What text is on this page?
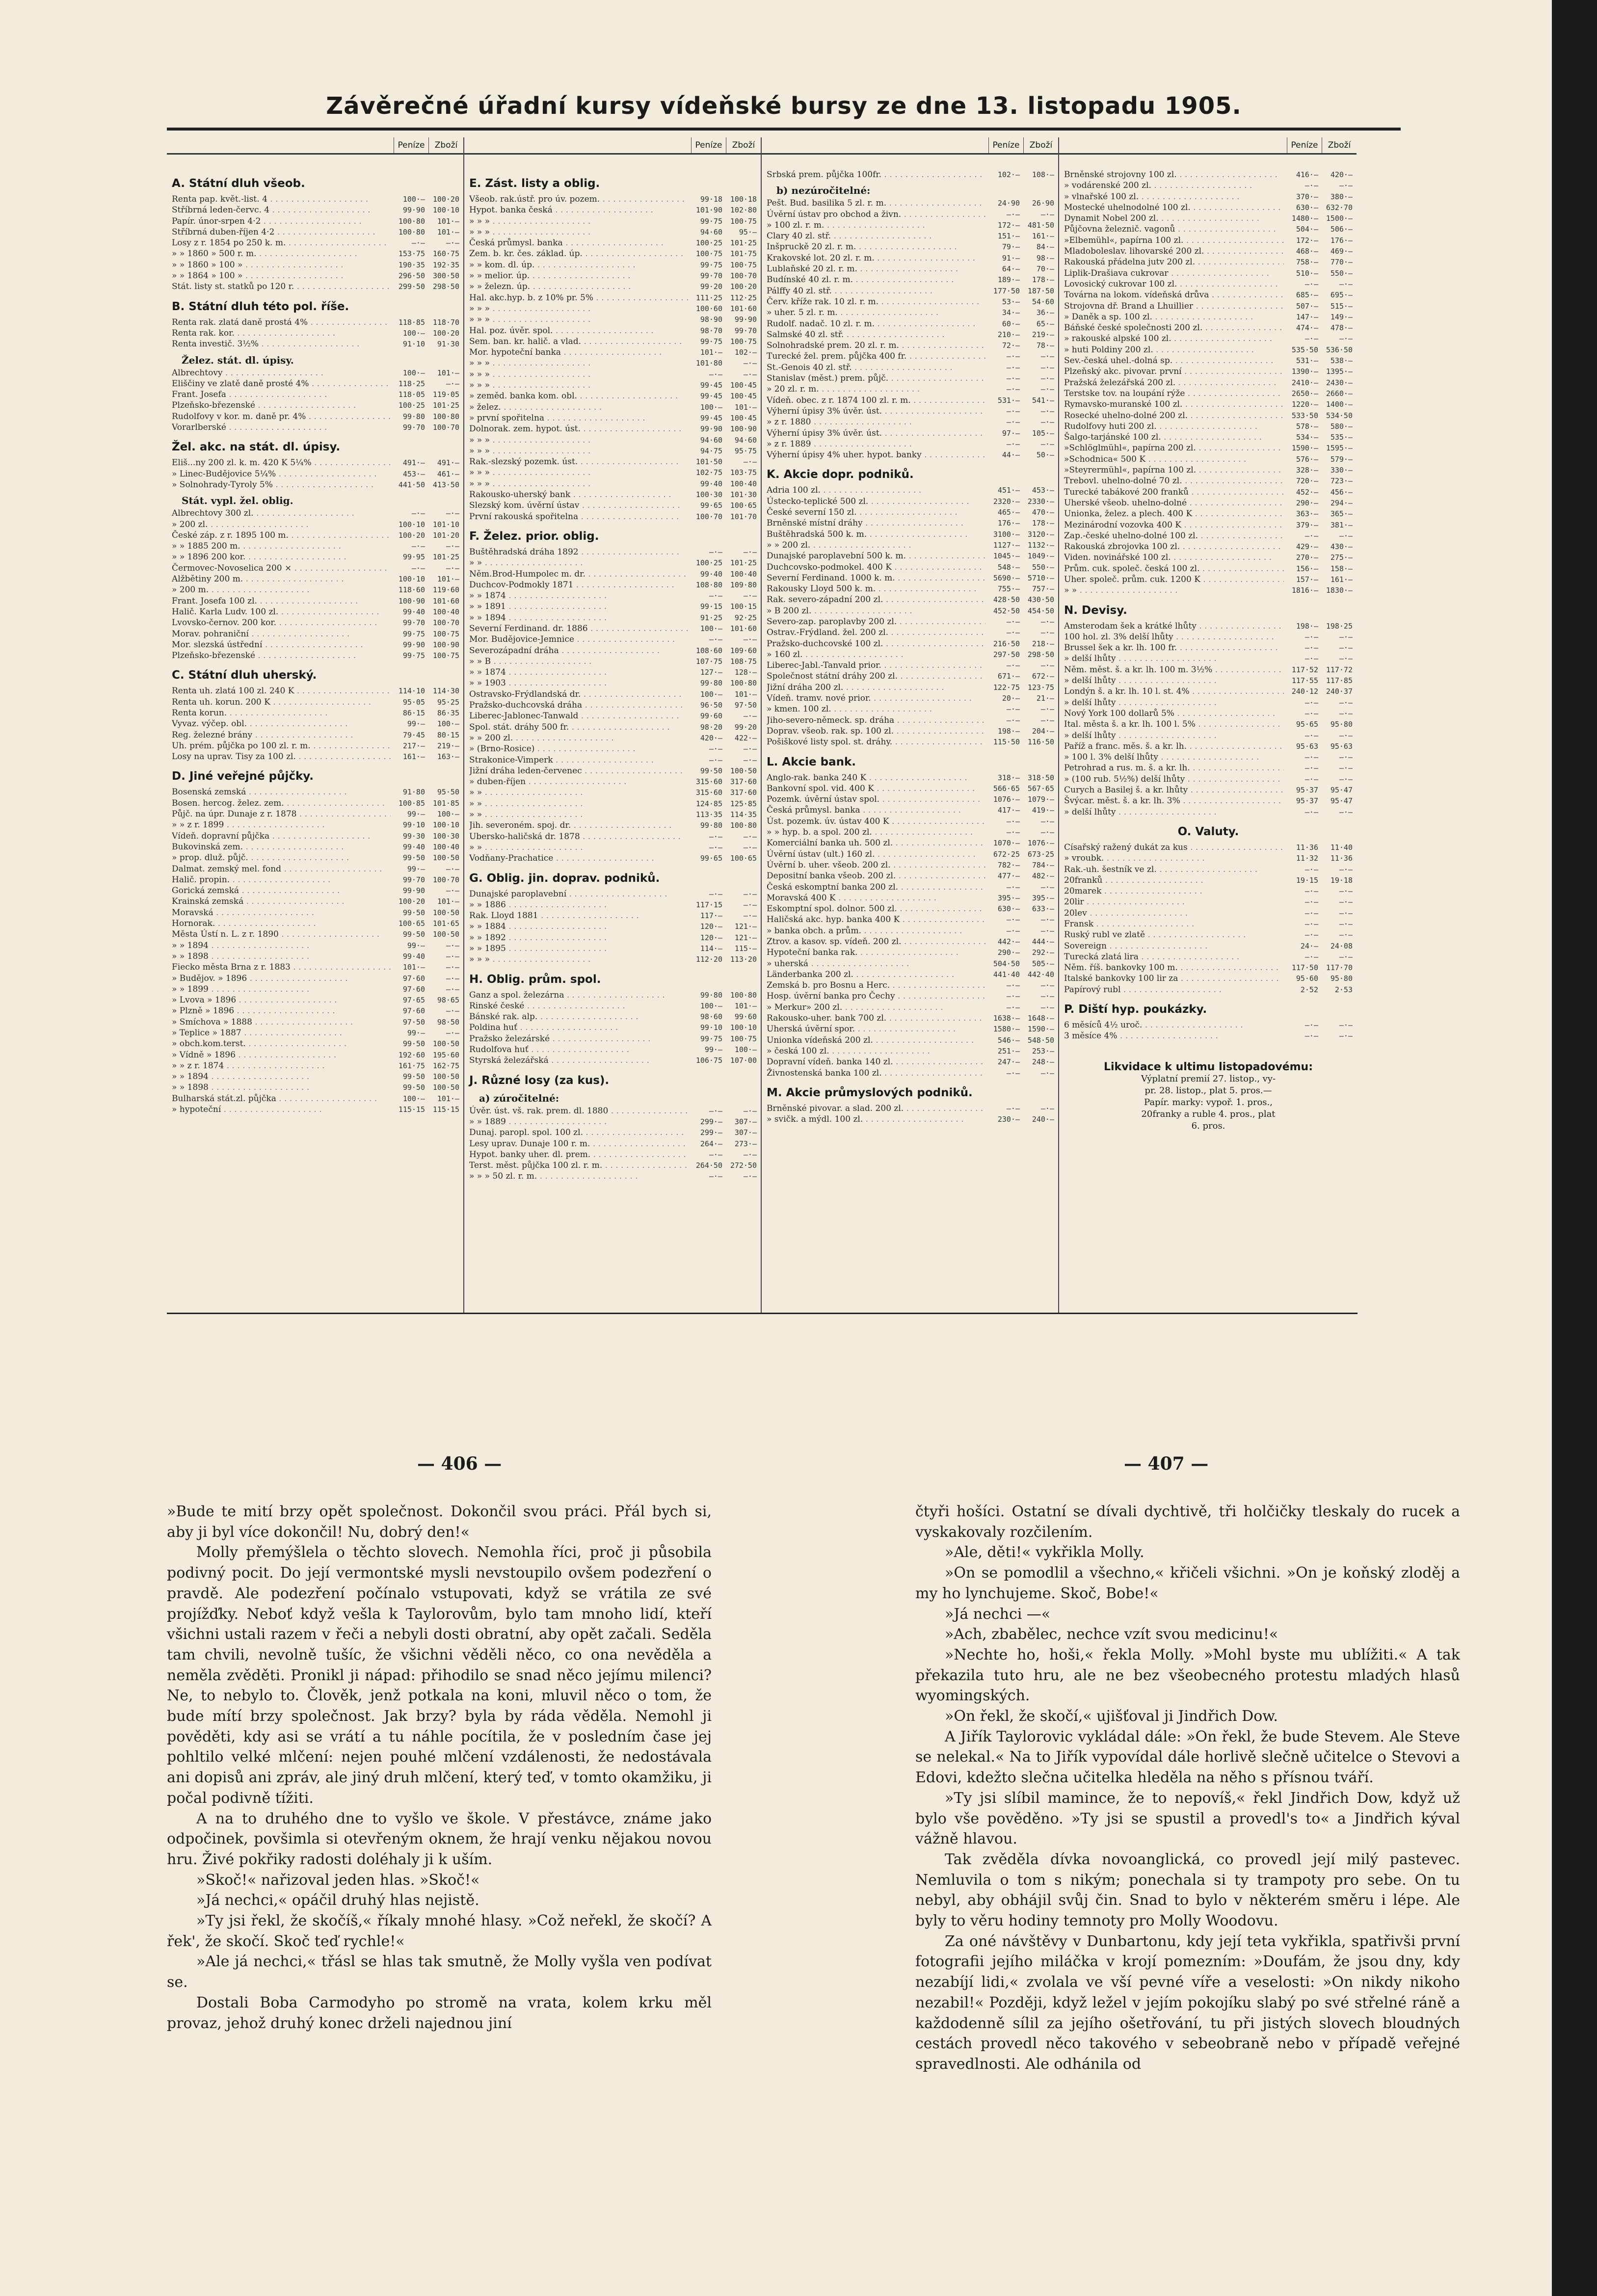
Závěrečné úřadní kursy vídeňské bursy ze dne 13. listopadu 1905.
Peníze	Zboží
A. Státní dluh všeob.
Renta pap. květ.-list. 4 . . .	100·—	100·20
Stříbrná leden-červc. 4 . . .	99·90	100·10
Papír. únor-srpen 4·2 . . .	100·80	101·—
Stříbrná duben-říjen 4·2 . . .	100·80	101·—
Losy z r. 1854 po 250 k. m. . . .	—·—	—·—
» » 1860 » 500 r. m. . . .	153·75	160·75
» » 1860 » 100 » . . .	190·35	192·35
» » 1864 » 100 » . . .	296·50	300·50
Stát. listy st. statků po 120 r. . . .	299·50	298·50
B. Státní dluh této pol. říše.
Renta rak. zlatá daně prostá 4% . . .	118·85	118·70
Renta rak. kor. . . .	100·—	100·20
Renta investič. 3½% . . .	91·10	91·30
Želez. stát. dl. úpisy.
Albrechtovy . . .	100·—	101·—
Eliščiny ve zlatě daně prosté 4% . . .	118·25	—·—
Frant. Josefa . . .	118·05	119·05
Plzeňsko-březenské . . .	100·25	101·25
Rudolfovy v kor. m. daně pr. 4% . . .	99·80	100·80
Vorarlberské . . .	99·70	100·70
Žel. akc. na stát. dl. úpisy.
Eliš...ny 200 zl. k. m. 420 K 5¼% . . .	491·—	491·—
» Linec-Budějovice 5¼% . . .	453·—	461·—
» Solnohrady-Tyroly 5% . . .	441·50	413·50
Stát. vypl. žel. oblig.
Albrechtovy 300 zl. . . .	—·—	—·—
» 200 zl. . . .	100·10	101·10
České záp. z r. 1895 100 m. . . .	100·20	101·20
» » 1885 200 m. . . .	—·—	—·—
» » 1896 200 kor. . . .	99·95	101·25
Čermovec-Novoselica 200 × . . .	—·—	—·—
Alžbětiny 200 m. . . .	100·10	101·—
» 200 m. . . .	118·60	119·60
Frant. Josefa 100 zl. . . .	100·90	101·60
Halič. Karla Ludv. 100 zl. . . .	99·40	100·40
Lvovsko-černov. 200 kor. . . .	99·70	100·70
Morav. pohraniční . . .	99·75	100·75
Mor. slezská ústřední . . .	99·90	100·90
Plzeňsko-březenské . . .	99·75	100·75
C. Státní dluh uherský.
Renta uh. zlatá 100 zl. 240 K . . .	114·10	114·30
Renta uh. korun. 200 K . . .	95·05	95·25
Renta korun. . . .	86·15	86·35
Vyvaz. výčep. obl. . . .	99·—	100·—
Reg. železné brány . . .	79·45	80·15
Uh. prém. půjčka po 100 zl. r. m. . . .	217·—	219·—
Losy na uprav. Tisy za 100 zl. . . .	161·—	163·—
D. Jiné veřejné půjčky.
Bosenská zemská . . .	91·80	95·50
Bosen. hercog. želez. zem. . . .	100·85	101·85
Půjč. na úpr. Dunaje z r. 1878 . . .	99·—	100·—
» » z r. 1899 . . .	99·10	100·10
Vídeň. dopravní půjčka . . .	99·30	100·30
Bukovinská zem. . . .	99·40	100·40
» prop. dluž. půjč. . . .	99·50	100·50
Dalmat. zemský mel. fond . . .	99·—	—·—
Halič. propin. . . .	99·70	100·70
Gorická zemská . . .	99·90	—·—
Krainská zemská . . .	100·20	101·—
Moravská . . .	99·50	100·50
Hornorak. . . .	100·65	101·65
Města Ústí n. L. z r. 1890 . . .	99·50	100·50
» » 1894 . . .	99·—	—·—
» » 1898 . . .	99·40	—·—
Fiecko města Brna z r. 1883 . . .	101·—	—·—
» Budějov. » 1896 . . .	97·60	—·—
» » 1899 . . .	97·60	—·—
» Lvova » 1896 . . .	97·65	98·65
» Plzně » 1896 . . .	97·60	—·—
» Smíchova » 1888 . . .	97·50	98·50
» Teplice » 1887 . . .	99·—	—·—
» obch.kom.terst. . . .	99·50	100·50
» Vídně » 1896 . . .	192·60	195·60
» » z r. 1874 . . .	161·75	162·75
» » 1894 . . .	99·50	100·50
» » 1898 . . .	99·50	100·50
Bulharská stát.zl. půjčka . . .	100·—	101·—
» hypoteční . . .	115·15	115·15
Peníze	Zboží
E. Zást. listy a oblig.
Všeob. rak.ústř. pro úv. pozem. . . .	99·18	100·18
Hypot. banka česká . . .	101·90	102·80
» » » . . .	99·75	100·75
» » » . . .	94·60	95·—
Česká průmysl. banka . . .	100·25	101·25
Zem. b. kr. čes. základ. úp. . . .	100·75	101·75
» » kom. dl. úp. . . .	99·75	100·75
» » melior. úp. . . .	99·70	100·70
» » železn. úp. . . .	99·20	100·20
Hal. akc.hyp. b. z 10% pr. 5% . . .	111·25	112·25
» » » . . .	100·60	101·60
» » » . . .	98·90	99·90
Hal. poz. úvěr. spol. . . .	98·70	99·70
Sem. ban. kr. halič. a vlad. . . .	99·75	100·75
Mor. hypoteční banka . . .	101·—	102·—
» » » . . .	101·80	—·—
» » » . . .	—·—	—·—
» » » . . .	99·45	100·45
» zeměd. banka kom. obl. . . .	99·45	100·45
» želez. . . .	100·—	101·—
» první spořitelna . . .	99·45	100·45
Dolnorak. zem. hypot. úst. . . .	99·90	100·90
» » » . . .	94·60	94·60
» » » . . .	94·75	95·75
Rak.-slezský pozemk. úst. . . .	101·50	—·—
» » » . . .	102·75	103·75
» » » . . .	99·40	100·40
Rakousko-uherský bank . . .	100·30	101·30
Slezský kom. úvěrní ústav . . .	99·65	100·65
První rakouská spořitelna . . .	100·70	101·70
F. Želez. prior. oblig.
Buštěhradská dráha 1892 . . .	—·—	—·—
» » . . .	100·25	101·25
Něm.Brod-Humpolec m. dr. . . .	99·40	100·40
Duchcov-Podmokly 1871 . . .	108·80	109·80
» » 1874 . . .	—·—	—·—
» » 1891 . . .	99·15	100·15
» » 1894 . . .	91·25	92·25
Severní Ferdinand. dr. 1886 . . .	100·—	101·60
Mor. Budějovice-Jemnice . . .	—·—	—·—
Severozápadní dráha . . .	108·60	109·60
» » B . . .	107·75	108·75
» » 1874 . . .	127·—	128·—
» » 1903 . . .	99·80	100·80
Ostravsko-Frýdlandská dr. . . .	100·—	101·—
Pražsko-duchcovská dráha . . .	96·50	97·50
Liberec-Jablonec-Tanwald . . .	99·60	—·—
Spol. stát. dráhy 500 fr. . . .	98·20	99·20
» » 200 zl. . . .	420·—	422·—
» (Brno-Rosice) . . .	—·—	—·—
Strakonice-Vimperk . . .	—·—	—·—
Jižní dráha leden-červenec . . .	99·50	100·50
» duben-říjen . . .	315·60	317·60
» » . . .	315·60	317·60
» » . . .	124·85	125·85
» » . . .	113·35	114·35
Jih. severoném. spoj. dr. . . .	99·80	100·80
Ubersko-haličská dr. 1878 . . .	—·—	—·—
» » . . .	—·—	—·—
Vodňany-Prachatice . . .	99·65	100·65
G. Oblig. jin. doprav. podniků.
Dunajské paroplavební . . .	—·—	—·—
» » 1886 . . .	117·15	—·—
Rak. Lloyd 1881 . . .	117·—	—·—
» » 1884 . . .	120·—	121·—
» » 1892 . . .	120·—	121·—
» » 1895 . . .	114·—	115·—
» » » . . .	112·20	113·20
H. Oblig. prům. spol.
Ganz a spol. železárna . . .	99·80	100·80
Rinské české . . .	100·—	101·—
Bánské rak. alp. . . .	98·60	99·60
Poldina huť . . .	99·10	100·10
Pražsko železárské . . .	99·75	100·75
Rudolfova huť . . .	99·—	100·—
Styrská železářská . . .	106·75	107·00
J. Různé losy (za kus).
a) zúročitelné:
Úvěr. úst. vš. rak. prem. dl. 1880 . . .	—·—	—·—
» » 1889 . . .	299·—	307·—
Dunaj. paropl. spol. 100 zl. . . .	299·—	307·—
Lesy uprav. Dunaje 100 r. m. . . .	264·—	273·—
Hypot. banky uher. dl. prem. . . .	—·—	—·—
Terst. měst. půjčka 100 zl. r. m. . . .	264·50	272·50
» » » 50 zl. r. m. . . .	—·—	—·—
Peníze	Zboží
Srbská prem. půjčka 100fr. . . .	102·—	108·—
b) nezúročitelné:
Pešt. Bud. basilika 5 zl. r. m. . . .	24·90	26·90
Úvěrní ústav pro obchod a živn. . . .	—·—	—·—
» 100 zl. r. m. . . .	172·—	481·50
Clary 40 zl. stř. . . .	151·—	161·—
Inšpruckě 20 zl. r. m. . . .	79·—	84·—
Krakovské lot. 20 zl. r. m. . . .	91·—	98·—
Lublaňské 20 zl. r. m. . . .	64·—	70·—
Budínské 40 zl. r. m. . . .	189·—	178·—
Pálffy 40 zl. stř. . . .	177·50	187·50
Červ. kříže rak. 10 zl. r. m. . . .	53·—	54·60
» uher. 5 zl. r. m. . . .	34·—	36·—
Rudolf. nadač. 10 zl. r. m. . . .	60·—	65·—
Salmské 40 zl. stř. . . .	210·—	219·—
Solnohradské prem. 20 zl. r. m. . . .	72·—	78·—
Turecké žel. prem. půjčka 400 fr. . . .	—·—	—·—
St.-Genois 40 zl. stř. . . .	—·—	—·—
Stanislav (měst.) prem. půjč. . . .	—·—	—·—
» 20 zl. r. m. . . .	—·—	—·—
Vídeň. obec. z r. 1874 100 zl. r. m. . . .	531·—	541·—
Výherní úpisy 3% úvěr. úst. . . .	—·—	—·—
» z r. 1880 . . .	—·—	—·—
Výherní úpisy 3% úvěr. úst. . . .	97·—	105·—
» z r. 1889 . . .	—·—	—·—
Výherní úpisy 4% uher. hypot. banky . . .	44·—	50·—
K. Akcie dopr. podniků.
Adria 100 zl. . . .	451·—	453·—
Ústecko-teplické 500 zl. . . .	2320·—	2330·—
České severní 150 zl. . . .	465·—	470·—
Brněnské místní dráhy . . .	176·—	178·—
Buštěhradská 500 k. m. . . .	3100·—	3120·—
» » 200 zl. . . .	1127·—	1132·—
Dunajské paroplavební 500 k. m. . . .	1045·—	1049·—
Duchcovsko-podmokel. 400 K . . .	548·—	550·—
Severní Ferdinand. 1000 k. m. . . .	5690·—	5710·—
Rakousky Lloyd 500 k. m. . . .	755·—	757·—
Rak. severo-západní 200 zl. . . .	428·50	430·50
» B 200 zl. . . .	452·50	454·50
Severo-zap. paroplavby 200 zl. . . .	—·—	—·—
Ostrav.-Frýdland. žel. 200 zl. . . .	—·—	—·—
Pražsko-duchcovské 100 zl. . . .	216·50	218·—
» 160 zl. . . .	297·50	298·50
Liberec-Jabl.-Tanvald prior. . . .	—·—	—·—
Společnost státní dráhy 200 zl. . . .	671·—	672·—
Jižní dráha 200 zl. . . .	122·75	123·75
Vídeň. tramv. nové prior. . . .	20·—	21·—
» kmen. 100 zl. . . .	—·—	—·—
Jiho-severo-německ. sp. dráha . . .	—·—	—·—
Doprav. všeob. rak. sp. 100 zl. . . .	198·—	204·—
Pošiškové listy spol. st. dráhy. . . .	115·50	116·50
L. Akcie bank.
Anglo-rak. banka 240 K . . .	318·—	318·50
Bankovní spol. vid. 400 K . . .	566·65	567·65
Pozemk. úvěrní ústav spol. . . .	1076·—	1079·—
Česká průmysl. banka . . .	417·—	419·—
Úst. pozemk. úv. ústav 400 K . . .	—·—	—·—
» » hyp. b. a spol. 200 zl. . . .	—·—	—·—
Komerciální banka uh. 500 zl. . . .	1070·—	1076·—
Úvěrní ústav (ult.) 160 zl. . . .	672·25	673·25
Úvěrní b. uher. všeob. 200 zl. . . .	782·—	784·—
Depositní banka všeob. 200 zl. . . .	477·—	482·—
Česká eskomptní banka 200 zl. . . .	—·—	—·—
Moravská 400 K . . .	395·—	395·—
Eskomptní spol. dolnor. 500 zl. . . .	630·—	633·—
Haličská akc. hyp. banka 400 K . . .	—·—	—·—
» banka obch. a prům. . . .	—·—	—·—
Ztrov. a kasov. sp. vídeň. 200 zl. . . .	442·—	444·—
Hypoteční banka rak. . . .	290·—	292·—
» uherská . . .	504·50	505·—
Länderbanka 200 zl. . . .	441·40	442·40
Zemská b. pro Bosnu a Herc. . . .	—·—	—·—
Hosp. úvěrní banka pro Čechy . . .	—·—	—·—
» Merkur» 200 zl. . . .	—·—	—·—
Rakousko-uher. bank 700 zl. . . .	1638·—	1648·—
Uherská úvěrní spor. . . .	1580·—	1590·—
Unionka vídeňská 200 zl. . . .	546·—	548·50
» česká 100 zl. . . .	251·—	253·—
Dopravní vídeň. banka 140 zl. . . .	247·—	248·—
Živnostenská banka 100 zl. . . .	—·—	—·—
M. Akcie průmyslových podniků.
Brněnské pivovar. a slad. 200 zl. . . .	—·—	—·—
» svičk. a mýdl. 100 zl. . . .	230·—	240·—
Peníze	Zboží
Brněnské strojovny 100 zl. . . .	416·—	420·—
» vodárenské 200 zl. . . .	—·—	—·—
» vlnařské 100 zl. . . .	370·—	380·—
Mostecké uhelnodolné 100 zl. . . .	630·—	632·70
Dynamit Nobel 200 zl. . . .	1480·—	1500·—
Půjčovna železnič. vagonů . . .	504·—	506·—
»Elbemühl«, papírna 100 zl. . . .	172·—	176·—
Mladoboleslav. lihovarské 200 zl. . . .	468·—	469·—
Rakouská přádelna jutv 200 zl. . . .	758·—	770·—
Liplik-Drašiava cukrovar . . .	510·—	550·—
Lovosický cukrovar 100 zl. . . .	—·—	—·—
Továrna na lokom. vídeňská drůva . . .	685·—	695·—
Strojovna dř. Brand a Lhuillier . . .	507·—	515·—
» Daněk a sp. 100 zl. . . .	147·—	149·—
Báňské české společnosti 200 zl. . . .	474·—	478·—
» rakouské alpské 100 zl. . . .	—·—	—·—
» huti Poldiny 200 zl. . . .	535·50	536·50
Sev.-česká uhel.-dolná sp. . . .	531·—	538·—
Plzeňský akc. pivovar. první . . .	1390·—	1395·—
Pražská železářská 200 zl. . . .	2410·—	2430·—
Terstske tov. na loupání rýže . . .	2650·—	2660·—
Rymavsko-muranské 100 zl. . . .	1220·—	1400·—
Rosecké uhelno-dolné 200 zl. . . .	533·50	534·50
Rudolfovy huti 200 zl. . . .	578·—	580·—
Šalgo-tarjánské 100 zl. . . .	534·—	535·—
»Schlöglmühl«, papírna 200 zl. . . .	1590·—	1595·—
»Schodnica« 500 K . . .	576·—	579·—
»Steyrermühl«, papírna 100 zl. . . .	328·—	330·—
Trebovl. uhelno-dolné 70 zl. . . .	720·—	723·—
Turecké tabákové 200 franků . . .	452·—	456·—
Uherské všeob. uhelno-dolné . . .	290·—	294·—
Unionka, želez. a plech. 400 K . . .	363·—	365·—
Mezinárodní vozovka 400 K . . .	379·—	381·—
Zap.-české uhelno-dolné 100 zl. . . .	—·—	—·—
Rakouská zbrojovka 100 zl. . . .	429·—	430·—
Viden. novinářské 100 zl. . . .	270·—	275·—
Prům. cuk. společ. česká 100 zl. . . .	156·—	158·—
Uher. společ. prům. cuk. 1200 K . . .	157·—	161·—
» » . . .	1816·—	1830·—
N. Devisy.
Amsterodam šek a krátké lhůty . . .	198·—	198·25
100 hol. zl. 3% delší lhůty . . .	—·—	—·—
Brussel šek a kr. lh. 100 fr. . . .	—·—	—·—
» delší lhůty . . .	—·—	—·—
Něm. měst. š. a kr. lh. 100 m. 3½% . . .	117·52	117·72
» delší lhůty . . .	117·55	117·85
Londýn š. a kr. lh. 10 l. st. 4% . . .	240·12	240·37
» delší lhůty . . .	—·—	—·—
Nový York 100 dollarů 5% . . .	—·—	—·—
Ital. města š. a kr. lh. 100 l. 5% . . .	95·65	95·80
» delší lhůty . . .	—·—	—·—
Paříž a franc. měs. š. a kr. lh. . . .	95·63	95·63
» 100 l. 3% delší lhůty . . .	—·—	—·—
Petrohrad a rus. m. š. a kr. lh. . . .	—·—	—·—
» (100 rub. 5½%) delší lhůty . . .	—·—	—·—
Curych a Basilej š. a kr. lhůty . . .	95·37	95·47
Švýcar. měst. š. a kr. lh. 3% . . .	95·37	95·47
» delší lhůty . . .	—·—	—·—
O. Valuty.
Císařský ražený dukát za kus . . .	11·36	11·40
» vroubk. . . .	11·32	11·36
Rak.-uh. šestník ve zl. . . .	—·—	—·—
20franků . . .	19·15	19·18
20marek . . .	—·—	—·—
20lir . . .	—·—	—·—
20lev . . .	—·—	—·—
Fransk . . .	—·—	—·—
Ruský rubl ve zlatě . . .	—·—	—·—
Sovereign . . .	24·—	24·08
Turecká zlatá lira . . .	—·—	—·—
Něm. říš. bankovky 100 m. . . .	117·50	117·70
Italské bankovky 100 lir za . . .	95·60	95·80
Papírový rubl . . .	2·52	2·53
P. Diští hyp. poukázky.
6 měsíců 4½ uroč. . . .	—·—	—·—
3 měsíce 4% . . .	—·—	—·—
Likvidace k ultimu listopadovému:
Výplatní premií 27. listop., vy-
pr. 28. listop., plat 5. pros.—
Papír. marky: vypoř. 1. pros.,
20franky a ruble 4. pros., plat
6. pros.
— 406 —	— 407 —

»Bude te mití brzy opět společnost. Dokončil svou práci. Přál bych si, aby ji byl více dokončil! Nu, dobrý den!«

Molly přemýšlela o těchto slovech. Nemohla říci, proč ji působila podivný pocit. Do její vermontské mysli nevstoupilo ovšem podezření o pravdě. Ale podezření počínalo vstupovati, když se vrátila ze své projížďky. Neboť když vešla k Taylorovům, bylo tam mnoho lidí, kteří všichni ustali razem v řeči a nebyli dosti obratní, aby opět začali. Seděla tam chvili, nevolně tušíc, že všichni věděli něco, co ona nevěděla a neměla zvěděti. Pronikl ji nápad: přihodilo se snad něco jejímu milenci? Ne, to nebylo to. Člověk, jenž potkala na koni, mluvil něco o tom, že bude mítí brzy společnost. Jak brzy? byla by ráda věděla. Nemohl ji pověděti, kdy asi se vrátí a tu náhle pocítila, že v posledním čase jej pohltilo velké mlčení: nejen pouhé mlčení vzdálenosti, že nedostávala ani dopisů ani zpráv, ale jiný druh mlčení, který teď, v tomto okamžiku, ji počal podivně tížiti.

A na to druhého dne to vyšlo ve škole. V přestávce, známe jako odpočinek, povšimla si otevřeným oknem, že hrají venku nějakou novou hru. Živé pokřiky radosti doléhaly ji k uším.

»Skoč!« nařizoval jeden hlas. »Skoč!«

»Já nechci,« opáčil druhý hlas nejistě.

»Ty jsi řekl, že skočíš,« říkaly mnohé hlasy. »Což neřekl, že skočí? A řek', že skočí. Skoč teď rychle!«

»Ale já nechci,« třásl se hlas tak smutně, že Molly vyšla ven podívat se.

Dostali Boba Carmodyho po stromě na vrata, kolem krku měl provaz, jehož druhý konec drželi najednou jiní

čtyři hošíci. Ostatní se dívali dychtivě, tři holčičky tleskaly do rucek a vyskakovaly rozčilením.

»Ale, děti!« vykřikla Molly.

»On se pomodlil a všechno,« křičeli všichni. »On je koňský zloděj a my ho lynchujeme. Skoč, Bobe!«

»Já nechci —«

»Ach, zbabělec, nechce vzít svou medicinu!«

»Nechte ho, hoši,« řekla Molly. »Mohl byste mu ublížiti.« A tak překazila tuto hru, ale ne bez všeobecného protestu mladých hlasů wyomingských.

»On řekl, že skočí,« ujišťoval ji Jindřich Dow.

A Jiřík Taylorovic vykládal dále: »On řekl, že bude Stevem. Ale Steve se nelekal.« Na to Jiřík vypovídal dále horlivě slečně učitelce o Stevovi a Edovi, kdežto slečna učitelka hleděla na něho s přísnou tváří.

»Ty jsi slíbil mamince, že to nepovíš,« řekl Jindřich Dow, když už bylo vše pověděno. »Ty jsi se spustil a provedl's to« a Jindřich kýval vážně hlavou.

Tak zvěděla dívka novoanglická, co provedl její milý pastevec. Nemluvila o tom s nikým; ponechala si ty trampoty pro sebe. On tu nebyl, aby obhájil svůj čin. Snad to bylo v některém směru i lépe. Ale byly to věru hodiny temnoty pro Molly Woodovu.

Za oné návštěvy v Dunbartonu, kdy její teta vykřikla, spatřivši první fotografii jejího miláčka v krojí pomezním: »Doufám, že jsou dny, kdy nezabíjí lidi,« zvolala ve vší pevné víře a veselosti: »On nikdy nikoho nezabil!« Později, když ležel v jejím pokojíku slabý po své střelné ráně a každodenně sílil za jejího ošetřování, tu při jistých slovech bloudných cestách provedl něco takového v sebeobraně nebo v případě veřejné spravedlnosti. Ale odhánila od
